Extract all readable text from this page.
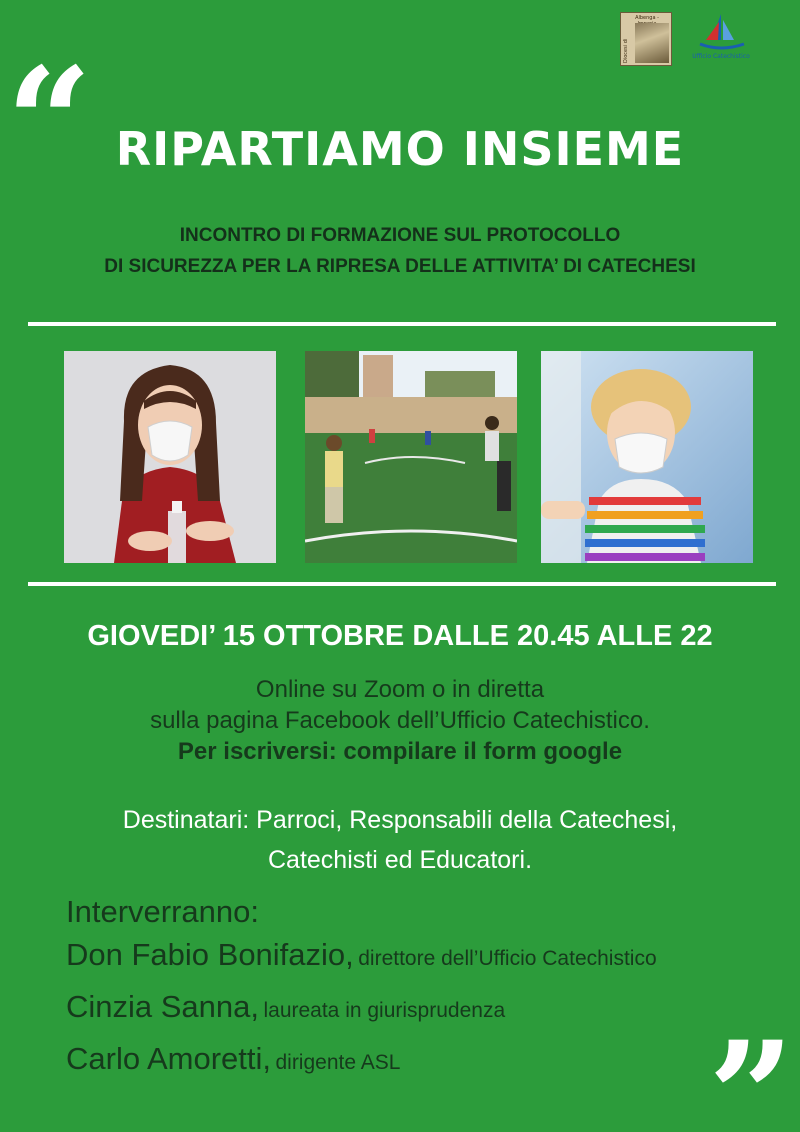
Albenga -
Diocesi di	Ufficio Catechistico
“ RIPARTIAMO INSIEME
INCONTRO DI FORMAZIONE SUL PROTOCOLLO
DI SICUREZZA PER LA RIPRESA DELLE ATTIVITA’ DI CATECHESI
GIOVEDI’ 15 OTTOBRE DALLE 20.45 ALLE 22
Online su Zoom o in diretta
sulla pagina Facebook dell’Ufficio Catechistico.
Per iscriversi: compilare il form google
Destinatari: Parroci, Responsabili della Catechesi,
Catechisti ed Educatori.
Interverranno:
Don Fabio Bonifazio, direttore dell’Ufficio Catechistico
Cinzia Sanna, laureata in giurisprudenza
Carlo Amoretti, dirigente ASL	”
